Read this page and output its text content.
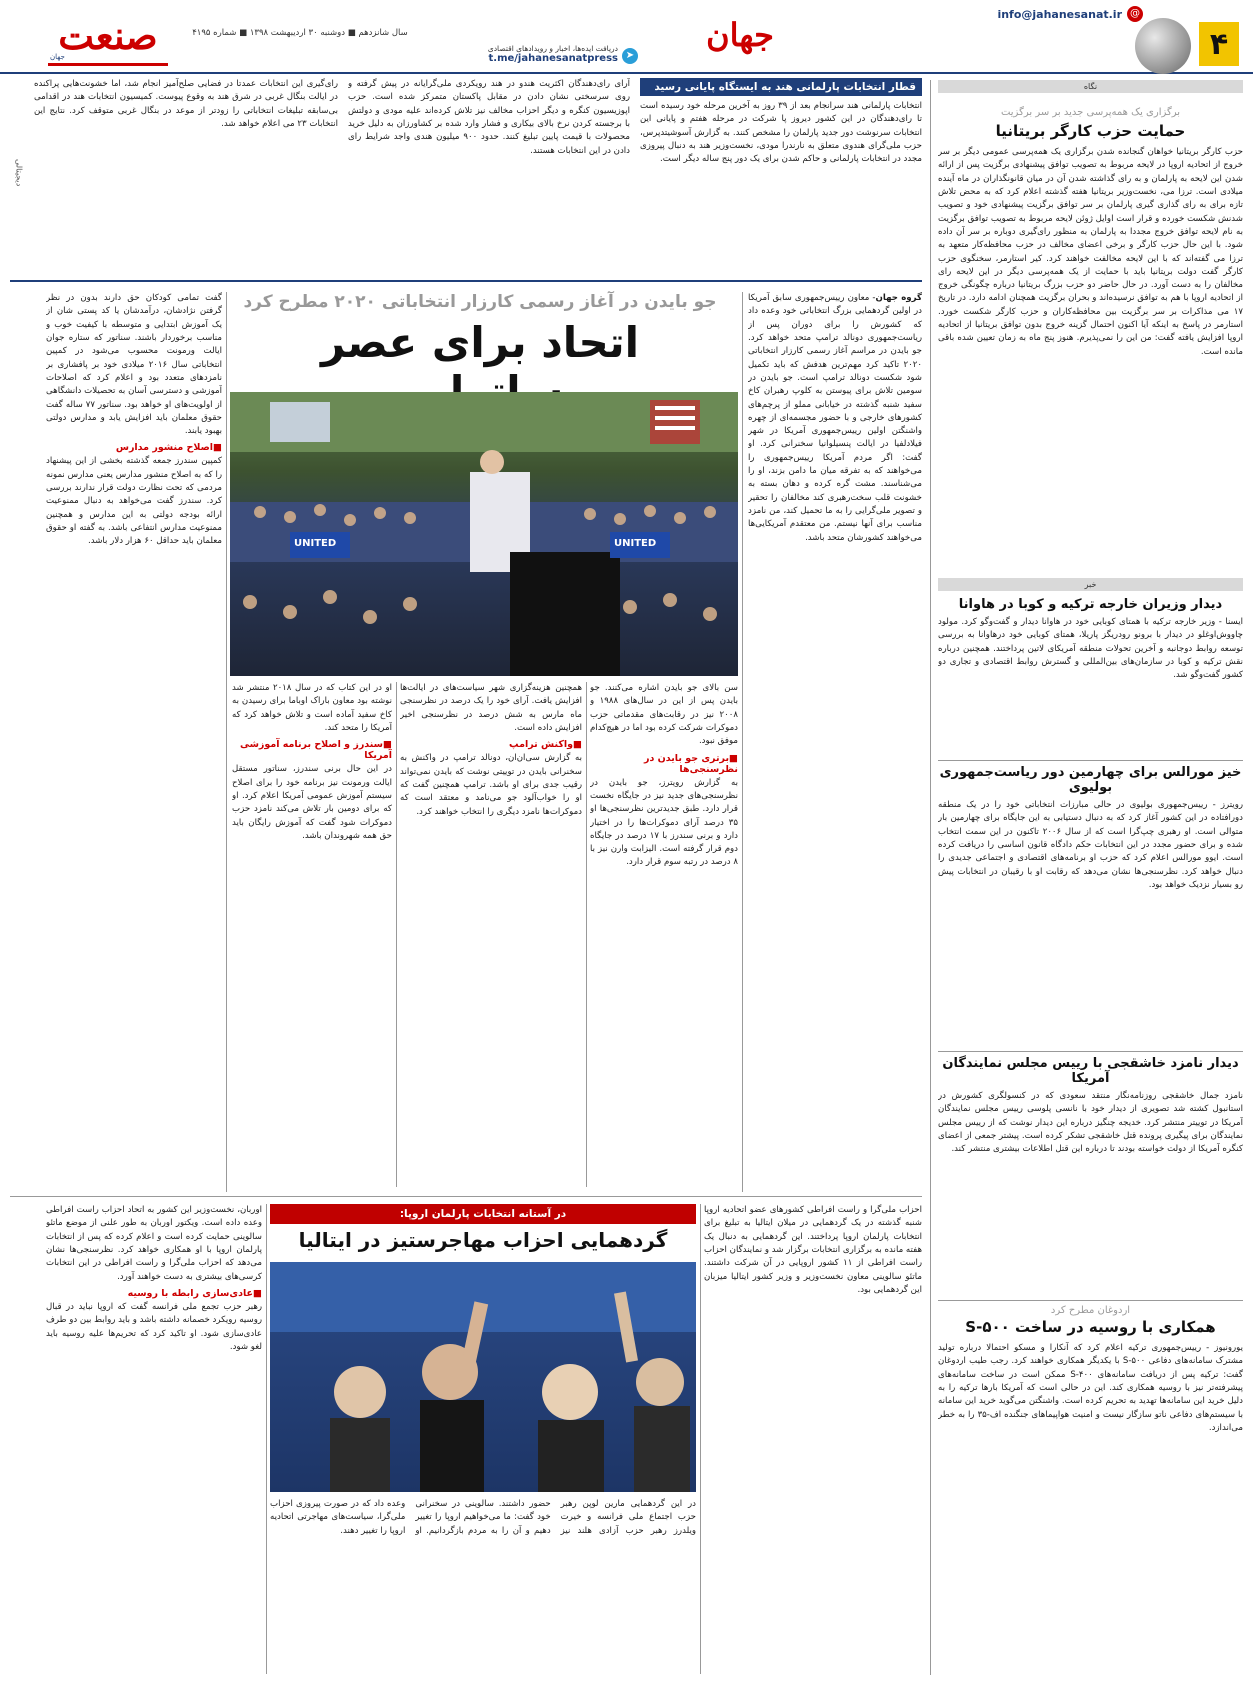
۴
info@jahanesanat.ir @
جهان
دریافت ایده‌ها، اخبار و رویدادهای اقتصادی
t.me/jahanesanatpress ➤
سال شانزدهم ■ دوشنبه ۳۰ اردیبهشت ۱۳۹۸ ■ شماره ۴۱۹۵
صنعت
جهان
نگاه
برگزاری یک همه‌پرسی جدید بر سر برگزیت
حمایت حزب کارگر بریتانیا
حزب کارگر بریتانیا خواهان گنجانده شدن برگزاری یک همه‌پرسی عمومی دیگر بر سر خروج از اتحادیه اروپا در لایحه مربوط به تصویب توافق پیشنهادی برگزیت پس از ارائه شدن این لایحه به پارلمان و به رای گذاشته شدن آن در میان قانونگذاران در ماه آینده میلادی است. ترزا می، نخست‌وزیر بریتانیا هفته گذشته اعلام کرد که به محض تلاش تازه برای به رای گذاری گیری پارلمان بر سر توافق برگزیت پیشنهادی خود و تصویب شدنش شکست خورده و قرار است اوایل ژوئن لایحه مربوط به تصویب توافق برگزیت به نام لایحه توافق خروج مجددا به پارلمان به منظور رای‌گیری دوباره بر سر آن داده شود. با این حال حزب کارگر و برخی اعضای مخالف در حزب محافظه‌کار متعهد به ترزا می گفته‌اند که با این لایحه مخالفت خواهند کرد. کیر استارمر، سخنگوی حزب کارگر گفت دولت بریتانیا باید با حمایت از یک همه‌پرسی دیگر در این لایحه رای مخالفان را به دست آورد. در حال حاضر دو حزب بزرگ بریتانیا درباره چگونگی خروج از اتحادیه اروپا با هم به توافق نرسیده‌اند و بحران برگزیت همچنان ادامه دارد. در تاریخ ۱۷ می مذاکرات بر سر برگزیت بین محافظه‌کاران و حزب کارگر شکست خورد. استارمر در پاسخ به اینکه آیا اکنون احتمال گزینه خروج بدون توافق بریتانیا از اتحادیه اروپا افزایش یافته گفت: من این را نمی‌پذیرم. هنوز پنج ماه به زمان تعیین شده باقی مانده است.
خبر
دیدار وزیران خارجه ترکیه و کوبا در هاوانا
ایسنا - وزیر خارجه ترکیه با همتای کوبایی خود در هاوانا دیدار و گفت‌وگو کرد. مولود چاووش‌اوغلو در دیدار با برونو رودریگز پاریلا، همتای کوبایی خود درهاوانا به بررسی توسعه روابط دوجانبه و آخرین تحولات منطقه آمریکای لاتین پرداختند. همچنین درباره نقش ترکیه و کوبا در سازمان‌های بین‌المللی و گسترش روابط اقتصادی و تجاری دو کشور گفت‌وگو شد.
خیز مورالس برای چهارمین دور ریاست‌جمهوری بولیوی
رویترز - رییس‌جمهوری بولیوی در حالی مبارزات انتخاباتی خود را در یک منطقه دورافتاده در این کشور آغاز کرد که به دنبال دستیابی به این جایگاه برای چهارمین بار متوالی است. او رهبری چپ‌گرا است که از سال ۲۰۰۶ تاکنون در این سمت انتخاب شده و برای حضور مجدد در این انتخابات حکم دادگاه قانون اساسی را دریافت کرده است. ایوو مورالس اعلام کرد که حزب او برنامه‌های اقتصادی و اجتماعی جدیدی را دنبال خواهد کرد. نظرسنجی‌ها نشان می‌دهد که رقابت او با رقیبان در انتخابات پیش رو بسیار نزدیک خواهد بود.
دیدار نامزد خاشقجی با رییس مجلس نمایندگان آمریکا
نامزد جمال خاشقجی روزنامه‌نگار منتقد سعودی که در کنسولگری کشورش در استانبول کشته شد تصویری از دیدار خود با نانسی پلوسی رییس مجلس نمایندگان آمریکا در توییتر منتشر کرد. خدیجه چنگیز درباره این دیدار نوشت که از رییس مجلس نمایندگان برای پیگیری پرونده قتل خاشقجی تشکر کرده است. پیشتر جمعی از اعضای کنگره آمریکا از دولت خواسته بودند تا درباره این قتل اطلاعات بیشتری منتشر کند.
اردوغان مطرح کرد
همکاری با روسیه در ساخت S-۵۰۰
یورونیوز - رییس‌جمهوری ترکیه اعلام کرد که آنکارا و مسکو احتمالا درباره تولید مشترک سامانه‌های دفاعی S-۵۰۰ با یکدیگر همکاری خواهند کرد. رجب طیب اردوغان گفت: ترکیه پس از دریافت سامانه‌های S-۴۰۰ ممکن است در ساخت سامانه‌های پیشرفته‌تر نیز با روسیه همکاری کند. این در حالی است که آمریکا بارها ترکیه را به دلیل خرید این سامانه‌ها تهدید به تحریم کرده است. واشنگتن می‌گوید خرید این سامانه با سیستم‌های دفاعی ناتو سازگار نیست و امنیت هواپیماهای جنگنده اف-۳۵ را به خطر می‌اندازد.
قطار انتخابات پارلمانی هند به ایستگاه پایانی رسید
انتخابات پارلمانی هند سرانجام بعد از ۳۹ روز به آخرین مرحله خود رسیده است تا رای‌دهندگان در این کشور دیروز پا شرکت در مرحله هفتم و پایانی این انتخابات سرنوشت دور جدید پارلمان را مشخص کنند. به گزارش آسوشیتدپرس، حزب ملی‌گرای هندوی متعلق به نارندرا مودی، نخست‌وزیر هند به دنبال پیروزی مجدد در انتخابات پارلمانی و حاکم شدن برای یک دور پنج ساله دیگر است.
آرای رای‌دهندگان اکثریت هندو در هند رویکردی ملی‌گرایانه در پیش گرفته و روی سرسختی نشان دادن در مقابل پاکستان متمرکز شده است. حزب اپوزیسیون کنگره و دیگر احزاب مخالف نیز تلاش کرده‌اند علیه مودی و دولتش با برجسته کردن نرخ بالای بیکاری و فشار وارد شده بر کشاورزان به دلیل خرید محصولات با قیمت پایین تبلیغ کنند. حدود ۹۰۰ میلیون هندی واجد شرایط رای دادن در این انتخابات هستند.
رای‌گیری این انتخابات عمدتا در فضایی صلح‌آمیز انجام شد، اما خشونت‌هایی پراکنده در ایالت بنگال غربی در شرق هند به وقوع پیوست. کمیسیون انتخابات هند در اقدامی بی‌سابقه تبلیغات انتخاباتی را زودتر از موعد در بنگال غربی متوقف کرد. نتایج این انتخابات ۲۳ می اعلام خواهد شد.
دیجیتالی
جو بایدن در آغاز رسمی کارزار انتخاباتی ۲۰۲۰ مطرح کرد
اتحاد برای عصر
UNITED	UNITED

گروه جهان- معاون رییس‌جمهوری سابق آمریکا در اولین گردهمایی بزرگ انتخاباتی خود وعده داد که کشورش را برای دوران پس از ریاست‌جمهوری دونالد ترامپ متحد خواهد کرد. جو بایدن در مراسم آغاز رسمی کارزار انتخاباتی ۲۰۲۰ تاکید کرد مهم‌ترین هدفش که باید تکمیل شود شکست دونالد ترامپ است. جو بایدن در سومین تلاش برای پیوستن به کلوپ رهبران کاخ سفید شنبه گذشته در خیابانی مملو از پرچم‌های کشورهای خارجی و با حضور مجسمه‌ای از چهره واشنگتن اولین رییس‌جمهوری آمریکا در شهر فیلادلفیا در ایالت پنسیلوانیا سخنرانی کرد. او گفت: اگر مردم آمریکا رییس‌جمهوری را می‌خواهند که به تفرقه میان ما دامن بزند، او را می‌شناسند. مشت گره کرده و دهان بسته به خشونت قلب سخت‌رهبری کند مخالفان را تحقیر و تصویر ملی‌گرایی را به ما تحمیل کند، من نامزد مناسب برای آنها نیستم. من معتقدم آمریکایی‌ها می‌خواهند کشورشان متحد باشد.

گفت تمامی کودکان حق دارند بدون در نظر گرفتن نژادشان، درآمدشان یا کد پستی شان از یک آموزش ابتدایی و متوسطه با کیفیت خوب و مناسب برخوردار باشند. سناتور که ستاره جوان ایالت ورمونت محسوب می‌شود در کمپین انتخاباتی سال ۲۰۱۶ میلادی خود بر پافشاری بر نامزدهای متعدد بود و اعلام کرد که اصلاحات آموزشی و دسترسی آسان به تحصیلات دانشگاهی از اولویت‌های او خواهد بود. سناتور ۷۷ ساله گفت حقوق معلمان باید افزایش یابد و مدارس دولتی بهبود یابند.

■ اصلاح منشور مدارس

کمپین سندرز جمعه گذشته بخشی از این پیشنهاد را که به اصلاح منشور مدارس یعنی مدارس نمونه مردمی که تحت نظارت دولت قرار ندارند بررسی کرد. سندرز گفت می‌خواهد به دنبال ممنوعیت ارائه بودجه دولتی به این مدارس و همچنین ممنوعیت مدارس انتفاعی باشد. به گفته او حقوق معلمان باید حداقل ۶۰ هزار دلار باشد.

سن بالای جو بایدن اشاره می‌کنند. جو بایدن پس از این در سال‌های ۱۹۸۸ و ۲۰۰۸ نیز در رقابت‌های مقدماتی حزب دموکرات شرکت کرده بود اما در هیچ‌کدام موفق نبود.

■ برتری جو بایدن در نظرسنجی‌ها

به گزارش رویترز، جو بایدن در نظرسنجی‌های جدید نیز در جایگاه نخست قرار دارد. طبق جدیدترین نظرسنجی‌ها او ۳۵ درصد آرای دموکرات‌ها را در اختیار دارد و برنی سندرز با ۱۷ درصد در جایگاه دوم قرار گرفته است. الیزابت وارن نیز با ۸ درصد در رتبه سوم قرار دارد.

همچنین هزینه‌گزاری شهر سیاست‌های در ایالت‌ها افزایش یافت. آرای خود را یک درصد در نظرسنجی ماه مارس به شش درصد در نظرسنجی اخیر افزایش داده است.

■ واکنش ترامپ

به گزارش سی‌ان‌ان، دونالد ترامپ در واکنش به سخنرانی بایدن در توییتی نوشت که بایدن نمی‌تواند رقیب جدی برای او باشد. ترامپ همچنین گفت که او را خواب‌آلود جو می‌نامد و معتقد است که دموکرات‌ها نامزد دیگری را انتخاب خواهند کرد.

او در این کتاب که در سال ۲۰۱۸ منتشر شد نوشته بود معاون باراک اوباما برای رسیدن به کاخ سفید آماده است و تلاش خواهد کرد که آمریکا را متحد کند.

■ سندرز و اصلاح برنامه آموزشی آمریکا

در این حال برنی سندرز، سناتور مستقل ایالت ورمونت نیز برنامه خود را برای اصلاح سیستم آموزش عمومی آمریکا اعلام کرد. او که برای دومین بار تلاش می‌کند نامزد حزب دموکرات شود گفت که آموزش رایگان باید حق همه شهروندان باشد.

در آستانه انتخابات پارلمان اروپا:
گردهمایی احزاب مهاجرستیز در ایتالیا

احزاب ملی‌گرا و راست افراطی کشورهای عضو اتحادیه اروپا شنبه گذشته در یک گردهمایی در میلان ایتالیا به تبلیغ برای انتخابات پارلمان اروپا پرداختند. این گردهمایی به دنبال یک هفته مانده به برگزاری انتخابات برگزار شد و نمایندگان احزاب راست افراطی از ۱۱ کشور اروپایی در آن شرکت داشتند. ماتئو سالوینی معاون نخست‌وزیر و وزیر کشور ایتالیا میزبان این گردهمایی بود.

در این گردهمایی مارین لوپن رهبر حزب اجتماع ملی فرانسه و خیرت ویلدرز رهبر حزب آزادی هلند نیز حضور داشتند. سالوینی در سخنرانی خود گفت: ما می‌خواهیم اروپا را تغییر دهیم و آن را به مردم بازگردانیم. او وعده داد که در صورت پیروزی احزاب ملی‌گرا، سیاست‌های مهاجرتی اتحادیه اروپا را تغییر دهند.

اوربان، نخست‌وزیر این کشور به اتحاد احزاب راست افراطی وعده داده است. ویکتور اوربان به طور علنی از موضع ماتئو سالوینی حمایت کرده است و اعلام کرده که پس از انتخابات پارلمان اروپا با او همکاری خواهد کرد. نظرسنجی‌ها نشان می‌دهد که احزاب ملی‌گرا و راست افراطی در این انتخابات کرسی‌های بیشتری به دست خواهند آورد.

■ عادی‌سازی رابطه با روسیه

رهبر حزب تجمع ملی فرانسه گفت که اروپا نباید در قبال روسیه رویکرد خصمانه داشته باشد و باید روابط بین دو طرف عادی‌سازی شود. او تاکید کرد که تحریم‌ها علیه روسیه باید لغو شود.
